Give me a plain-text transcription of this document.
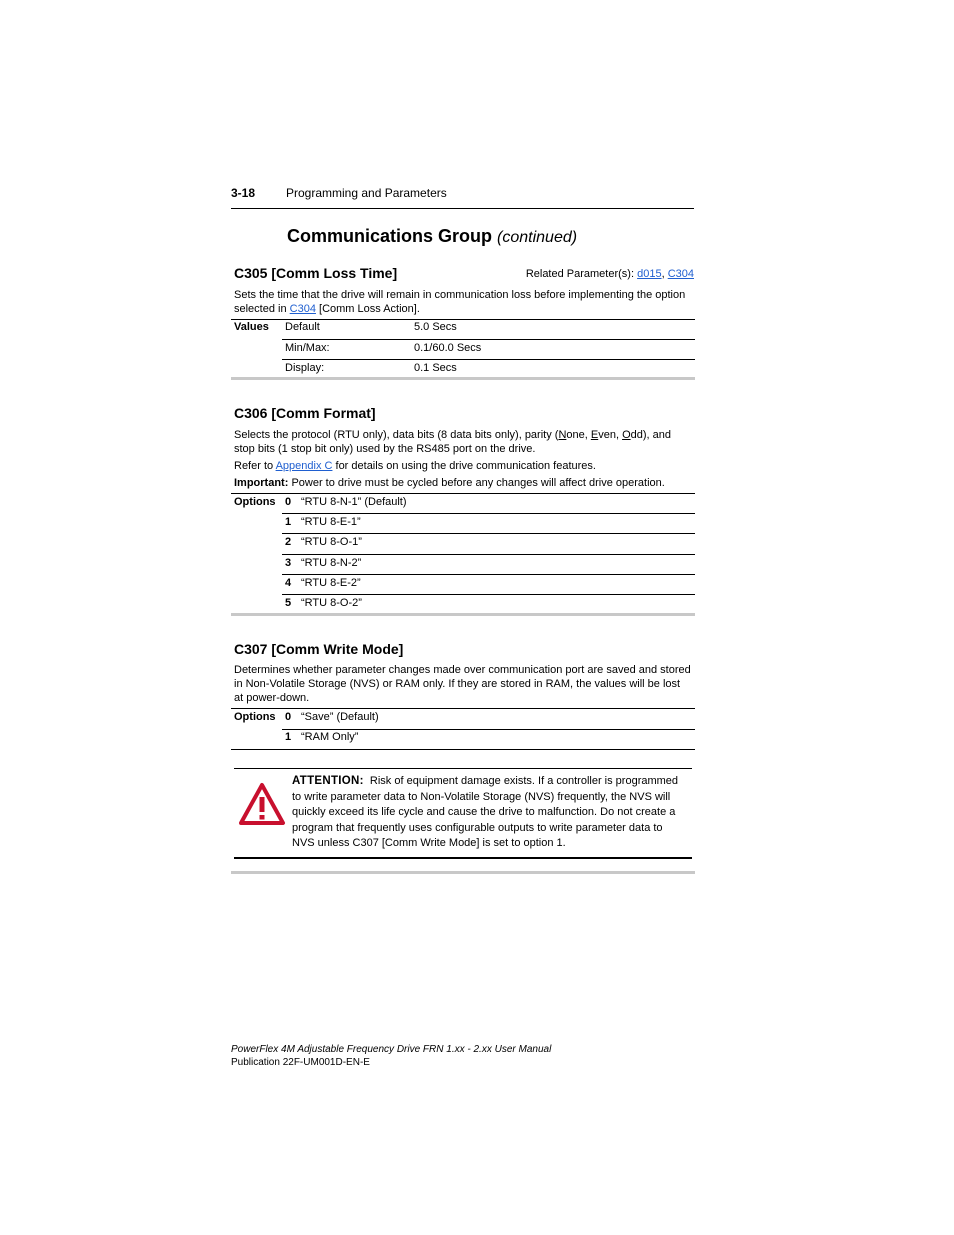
3-18	Programming and Parameters
Communications Group (continued)
C305 [Comm Loss Time]	Related Parameter(s): d015, C304
Sets the time that the drive will remain in communication loss before implementing the option selected in C304 [Comm Loss Action].
Values Default	5.0 Secs
Min/Max:	0.1/60.0 Secs
Display:	0.1 Secs
C306 [Comm Format]
Selects the protocol (RTU only), data bits (8 data bits only), parity (None, Even, Odd), and stop bits (1 stop bit only) used by the RS485 port on the drive.
Refer to Appendix C for details on using the drive communication features.
Important: Power to drive must be cycled before any changes will affect drive operation.
Options 0 “RTU 8-N-1” (Default)
1 “RTU 8-E-1”
2 “RTU 8-O-1”
3 “RTU 8-N-2”
4 “RTU 8-E-2”
5 “RTU 8-O-2”
C307 [Comm Write Mode]
Determines whether parameter changes made over communication port are saved and stored in Non-Volatile Storage (NVS) or RAM only. If they are stored in RAM, the values will be lost at power-down.
Options 0 “Save” (Default)
1 “RAM Only”
ATTENTION: Risk of equipment damage exists. If a controller is programmed to write parameter data to Non-Volatile Storage (NVS) frequently, the NVS will quickly exceed its life cycle and cause the drive to malfunction. Do not create a program that frequently uses configurable outputs to write parameter data to NVS unless C307 [Comm Write Mode] is set to option 1.
PowerFlex 4M Adjustable Frequency Drive FRN 1.xx - 2.xx User Manual
Publication 22F-UM001D-EN-E
